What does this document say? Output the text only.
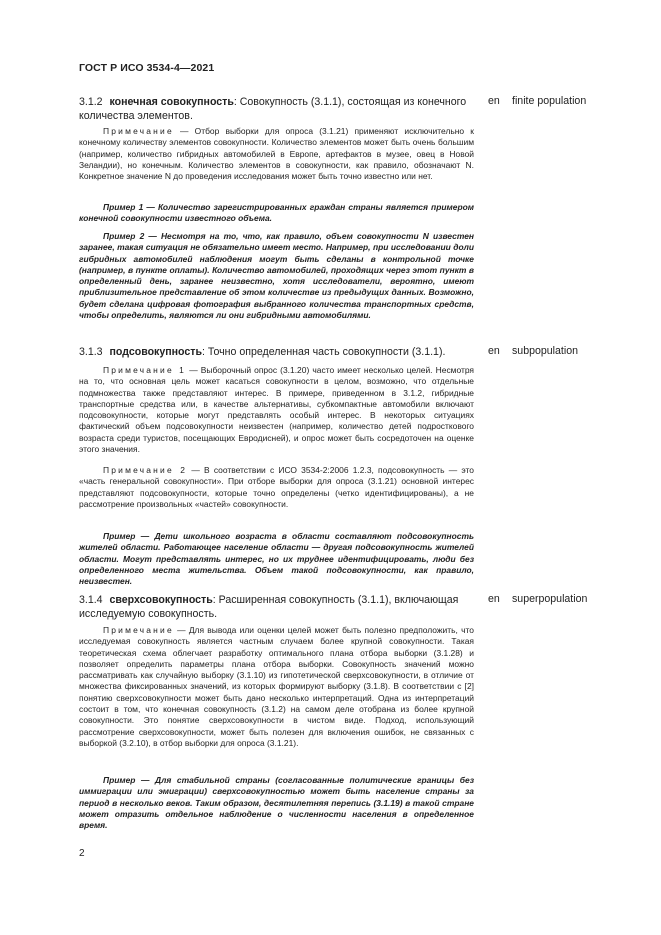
ГОСТ Р ИСО 3534-4—2021
3.1.2 конечная совокупность: Совокупность (3.1.1), состоящая из конечного количества элементов.
en finite population
Примечание — Отбор выборки для опроса (3.1.21) применяют исключительно к конечному количеству элементов совокупности. Количество элементов может быть очень большим (например, количество гибридных автомобилей в Европе, артефактов в музее, овец в Новой Зеландии), но конечным. Количество элементов в совокупности, как правило, обозначают N. Конкретное значение N до проведения исследования может быть точно известно или нет.
Пример 1 — Количество зарегистрированных граждан страны является примером конечной совокупности известного объема.
Пример 2 — Несмотря на то, что, как правило, объем совокупности N известен заранее, такая ситуация не обязательно имеет место. Например, при исследовании доли гибридных автомобилей наблюдения могут быть сделаны в контрольной точке (например, в пункте оплаты). Количество автомобилей, проходящих через этот пункт в определенный день, заранее неизвестно, хотя исследователи, вероятно, имеют приблизительное представление об этом количестве из предыдущих данных. Возможно, будет сделана цифровая фотография выбранного количества транспортных средств, чтобы определить, являются ли они гибридными автомобилями.
3.1.3 подсовокупность: Точно определенная часть совокупности (3.1.1).	en subpopulation
Примечание 1 — Выборочный опрос (3.1.20) часто имеет несколько целей. Несмотря на то, что основная цель может касаться совокупности в целом, возможно, что отдельные подмножества также представляют интерес. В примере, приведенном в 3.1.2, гибридные транспортные средства или, в качестве альтернативы, субкомпактные автомобили включают подсовокупности, которые могут представлять особый интерес. В некоторых ситуациях фактический объем подсовокупности неизвестен (например, количество детей подросткового возраста среди туристов, посещающих Евродисней), и опрос может быть сосредоточен на оценке этого значения.
Примечание 2 — В соответствии с ИСО 3534-2:2006 1.2.3, подсовокупность — это «часть генеральной совокупности». При отборе выборки для опроса (3.1.21) основной интерес представляют подсовокупности, которые точно определены (четко идентифицированы), а не рассмотрение произвольных «частей» совокупности.
Пример — Дети школьного возраста в области составляют подсовокупность жителей области. Работающее население области — другая подсовокупность жителей области. Могут представлять интерес, но их труднее идентифицировать, люди без определенного места жительства. Объем такой подсовокупности, как правило, неизвестен.
3.1.4 сверхсовокупность: Расширенная совокупность (3.1.1), включающая исследуемую совокупность.
en superpopulation
Примечание — Для вывода или оценки целей может быть полезно предположить, что исследуемая совокупность является частным случаем более крупной совокупности. Такая теоретическая схема облегчает разработку оптимального плана отбора выборки (3.1.28) и позволяет определить параметры плана отбора выборки. Совокупность значений можно рассматривать как случайную выборку (3.1.10) из гипотетической сверхсовокупности, в отличие от множества фиксированных значений, из которых формируют выборку (3.1.8). В соответствии с [2] понятию сверхсовокупности может быть дано несколько интерпретаций. Одна из интерпретаций состоит в том, что конечная совокупность (3.1.2) на самом деле отобрана из более крупной совокупности. Это понятие сверхсовокупности в чистом виде. Подход, использующий рассмотрение сверхсовокупности, может быть полезен для включения ошибок, не связанных с выборкой (3.2.10), в отбор выборки для опроса (3.1.21).
Пример — Для стабильной страны (согласованные политические границы без иммиграции или эмиграции) сверхсовокупностью может быть население страны за период в несколько веков. Таким образом, десятилетняя перепись (3.1.19) в такой стране может отразить отдельное наблюдение о численности населения в определенное время.
2
